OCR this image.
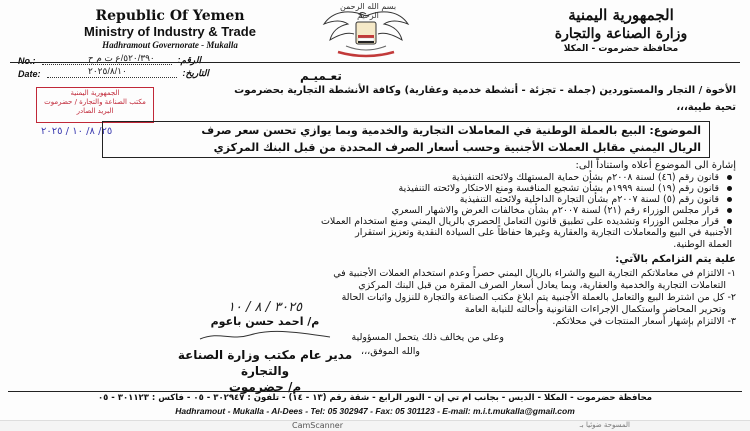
Republic Of Yemen
Ministry of Industry & Trade
Hadhramout Governorate - Mukalla
No.:	:الرقم
٥٢٠/٣٩٠/ع ت م ح
Date:	:التاريخ
٢٠٢٥/٨/١٠
بسم الله الرحمن الرحيم	الجمهورية اليمنية
وزارة الصناعة والتجارة
محافظة حضرموت - المكلا
تعـميـم
الأخوة / التجار والمستوردين (جملة - تجزئة - أنشطة خدمية وعقارية) وكافة الأنشطة التجارية بحضرموت
تحية طيبة،،،
الجمهورية اليمنية
مكتب الصناعة والتجارة / حضرموت
البريد الصادر
٢٥/ ٨/ ١٠ / ٢٠٢٥	الموضوع: البيع بالعملة الوطنية في المعاملات التجارية والخدمية وبما يوازي تحسن سعر صرف
الريال اليمني مقابل العملات الأجنبية وحسب أسعار الصرف المحددة من قبل البنك المركزي
إشارة الى الموضوع أعلاه واستناداً الى:
قانون رقم (٤٦) لسنة ٢٠٠٨م بشأن حماية المستهلك ولائحته التنفيذية
قانون رقم (١٩) لسنة ١٩٩٩م بشأن تشجيع المنافسة ومنع الاحتكار ولائحته التنفيذية
قانون رقم (٥) لسنة ٢٠٠٧م بشأن التجارة الداخلية ولائحته التنفيذية
قرار مجلس الوزراء رقم (٢١) لسنة ٢٠٠٧م بشأن مخالفات العرض والاشهار السعري
قرار مجلس الوزراء وتشديده على تطبيق قانون التعامل الحصري بالريال اليمني ومنع استخدام العملات
الأجنبية في البيع والمعاملات التجارية والعقارية وغيرها حفاظاً على السيادة النقدية وتعزيز استقرار
العملة الوطنية.
علية يتم التزامكم بالآتي:
١- الالتزام في معاملاتكم التجارية البيع والشراء بالريال اليمني حصراً وعدم استخدام العملات الأجنبية في
التعاملات التجارية والخدمية والعقارية، وبما يعادل أسعار الصرف المقرة من قبل البنك المركزي
٢- كل من اشترط البيع والتعامل بالعملة الأجنبية يتم ابلاغ مكتب الصناعة والتجارة للنزول واثبات الحالة
وتحرير المحاضر واستكمال الإجراءات القانونية وأحالته للنيابة العامة
٣- الالتزام بإشهار أسعار المنتجات في محلاتكم.
وعلى من يخالف ذلك يتحمل المسؤولية
والله الموفق،،،
٣٠٢٥ / ٨ / ١٠
م/ احمد حسن باعوم
مدير عام مكتب وزارة الصناعة والتجارة
م/ حضرموت
محافظة حضرموت - المكلا - الديس - بجانب ام تي إن - النور الرابع - شقة رقم (١٣ - ١٤) - تلفون : ٣٠٢٩٤٧ - ٠٥ - فاكس : ٣٠١١٢٣ - ٠٥
Hadhramout - Mukalla - Al-Dees - Tel: 05 302947 - Fax: 05 301123 - E-mail: m.i.t.mukalla@gmail.com
CamScanner	المسوحة ضوئيا بـ
